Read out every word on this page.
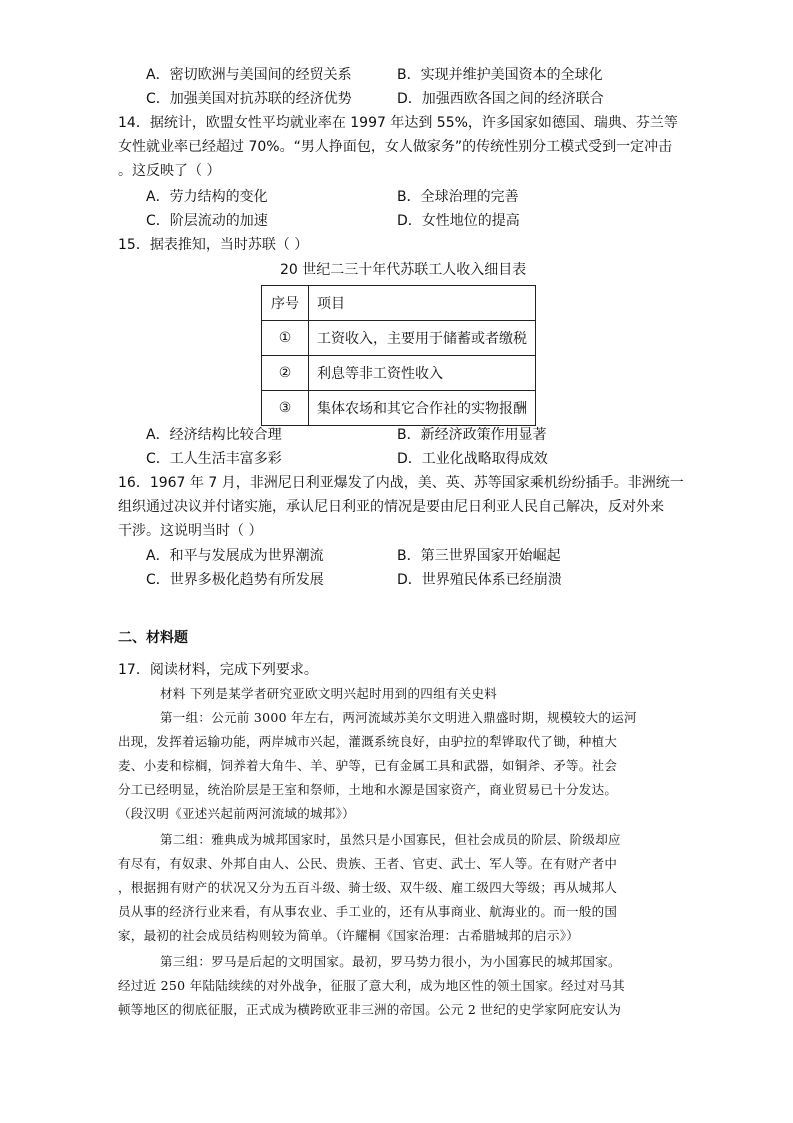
A．密切欧洲与美国间的经贸关系	B．实现并维护美国资本的全球化
C．加强美国对抗苏联的经济优势	D．加强西欧各国之间的经济联合
14．据统计，欧盟女性平均就业率在 1997 年达到 55%，许多国家如德国、瑞典、芬兰等
女性就业率已经超过 70%。“男人挣面包，女人做家务”的传统性别分工模式受到一定冲击
。这反映了（ ）
A．劳力结构的变化	B．全球治理的完善
C．阶层流动的加速	D．女性地位的提高
15．据表推知，当时苏联（ ）
20 世纪二三十年代苏联工人收入细目表
序号	项目
①	工资收入，主要用于储蓄或者缴税
②	利息等非工资性收入
③	集体农场和其它合作社的实物报酬
A．经济结构比较合理	B．新经济政策作用显著
C．工人生活丰富多彩	D．工业化战略取得成效
16．1967 年 7 月，非洲尼日利亚爆发了内战，美、英、苏等国家乘机纷纷插手。非洲统一
组织通过决议并付诸实施，承认尼日利亚的情况是要由尼日利亚人民自己解决，反对外来
干涉。这说明当时（ ）
A．和平与发展成为世界潮流	B．第三世界国家开始崛起
C．世界多极化趋势有所发展	D．世界殖民体系已经崩溃
二、材料题
17．阅读材料，完成下列要求。
材料 下列是某学者研究亚欧文明兴起时用到的四组有关史料
第一组：公元前 3000 年左右，两河流域苏美尔文明进入鼎盛时期，规模较大的运河
出现，发挥着运输功能，两岸城市兴起，灌溉系统良好，由驴拉的犁铧取代了锄，种植大
麦、小麦和棕榈，饲养着大角牛、羊、驴等，已有金属工具和武器，如铜斧、矛等。社会
分工已经明显，统治阶层是王室和祭师，土地和水源是国家资产，商业贸易已十分发达。
（段汉明《亚述兴起前两河流域的城邦》）
第二组：雅典成为城邦国家时，虽然只是小国寡民，但社会成员的阶层、阶级却应
有尽有，有奴隶、外邦自由人、公民、贵族、王者、官吏、武士、军人等。在有财产者中
，根据拥有财产的状况又分为五百斗级、骑士级、双牛级、雇工级四大等级；再从城邦人
员从事的经济行业来看，有从事农业、手工业的，还有从事商业、航海业的。而一般的国
家，最初的社会成员结构则较为简单。（许耀桐《国家治理：古希腊城邦的启示》）
第三组：罗马是后起的文明国家。最初，罗马势力很小，为小国寡民的城邦国家。
经过近 250 年陆陆续续的对外战争，征服了意大利，成为地区性的领土国家。经过对马其
顿等地区的彻底征服，正式成为横跨欧亚非三洲的帝国。公元 2 世纪的史学家阿庇安认为
